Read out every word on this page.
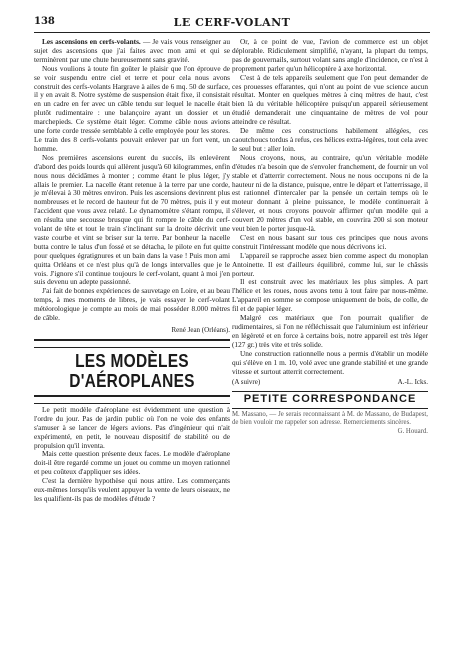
138	LE CERF-VOLANT

Les ascensions en cerfs-volants. — Je vais vous renseigner au sujet des ascensions que j'ai faites avec mon ami et qui se terminèrent par une chute heureusement sans gravité.

Nous voulions à toute fin goûter le plaisir que l'on éprouve de se voir suspendu entre ciel et terre et pour cela nous avons construit des cerfs-volants Hargrave à ailes de 6 mq. 50 de surface, il y en avait 8. Notre système de suspension était fixe, il consistait en un cadre en fer avec un câble tendu sur lequel le nacelle était plutôt rudimentaire : une balançoire ayant un dossier et un marchepieds. Ce système était léger. Comme câble nous avions une forte corde tressée semblable à celle employée pour les stores. Le train des 8 cerfs-volants pouvait enlever par un fort vent, un homme.

Nos premières ascensions eurent du succès, ils enlevèrent d'abord des poids lourds qui allèrent jusqu'à 60 kilogrammes, enfin nous nous décidâmes à monter ; comme étant le plus léger, j'y allais le premier. La nacelle étant retenue à la terre par une corde, je m'élevai à 30 mètres environ. Puis les ascensions devinrent plus nombreuses et le record de hauteur fut de 70 mètres, puis il y eut l'accident que vous avez relaté. Le dynamomètre s'étant rompu, il en résulta une secousse brusque qui fit rompre le câble du cerf-volant de tête et tout le train s'inclinant sur la droite décrivit une vaste courbe et vint se briser sur la terre. Par bonheur la nacelle butta contre le talus d'un fossé et se détacha, le pilote en fut quitte pour quelques égratignures et un bain dans la vase ! Puis mon ami quitta Orléans et ce n'est plus qu'à de longs intervalles que je le vois. J'ignore s'il continue toujours le cerf-volant, quant à moi j'en suis devenu un adepte passionné.

J'ai fait de bonnes expériences de sauvetage en Loire, et au beau temps, à mes moments de libres, je vais essayer le cerf-volant météorologique je compte au mois de mai posséder 8.000 mètres de câble.

René Jean (Orléans).
LES MODÈLES D'AÉROPLANES

Le petit modèle d'aéroplane est évidemment une question à l'ordre du jour. Pas de jardin public où l'on ne voie des enfants s'amuser à se lancer de légers avions. Pas d'ingénieur qui n'ait expérimenté, en petit, le nouveau dispositif de stabilité ou de propulsion qu'il inventa.

Mais cette question présente deux faces. Le modèle d'aéroplane doit-il être regardé comme un jouet ou comme un moyen rationnel et peu coûteux d'appliquer ses idées.

C'est la dernière hypothèse qui nous attire. Les commerçants eux-mêmes lorsqu'ils veulent appuyer la vente de leurs oiseaux, ne les qualifient-ils pas de modèles d'étude ?

Or, à ce point de vue, l'avion de commerce est un objet déplorable. Ridiculement simplifié, n'ayant, la plupart du temps, pas de gouvernails, surtout volant sans angle d'incidence, ce n'est à proprement parler qu'un hélicoptère à axe horizontal.

C'est à de tels appareils seulement que l'on peut demander de ces prouesses effarantes, qui n'ont au point de vue science aucun résultat. Monter en quelques mètres à cinq mètres de haut, c'est bien là du véritable hélicoptère puisqu'un appareil sérieusement étudié demanderait une cinquantaine de mètres de vol pour atteindre ce résultat.

De même ces constructions habilement allégées, ces caoutchoucs tordus à refus, ces hélices extra-légères, tout cela avec le seul but : aller loin.

Nous croyons, nous, au contraire, qu'un véritable modèle d'études n'a besoin que de s'envoler franchement, de fournir un vol stable et d'atterrir correctement. Nous ne nous occupons ni de la hauteur ni de la distance, puisque, entre le départ et l'atterrissage, il est rationnel d'intercaler par la pensée un certain temps où le moteur donnant à pleine puissance, le modèle continuerait à s'élever, et nous croyons pouvoir affirmer qu'un modèle qui a couvert 20 mètres d'un vol stable, en couvrira 200 si son moteur veut bien le porter jusque-là.

C'est en nous basant sur tous ces principes que nous avons construit l'intéressant modèle que nous décrivons ici.

L'appareil se rapproche assez bien comme aspect du monoplan Antoinette. Il est d'ailleurs équilibré, comme lui, sur le châssis porteur.

Il est construit avec les matériaux les plus simples. A part l'hélice et les roues, nous avons tenu à tout faire par nous-même. L'appareil en somme se compose uniquement de bois, de colle, de fil et de papier léger.

Malgré ces matériaux que l'on pourrait qualifier de rudimentaires, si l'on ne réfléchissait que l'aluminium est inférieur en légèreté et en force à certains bois, notre appareil est très léger (127 gr.) très vite et très solide.

Une construction rationnelle nous a permis d'établir un modèle qui s'élève en 1 m. 10, volé avec une grande stabilité et une grande vitesse et surtout atterrit correctement.

(A suivre)	A.-L. Icks.
PETITE CORRESPONDANCE
M. Massano, — Je serais reconnaissant à M. de Massano, de Budapest, de bien vouloir me rappeler son adresse. Remerciements sincères.
G. Houard.
